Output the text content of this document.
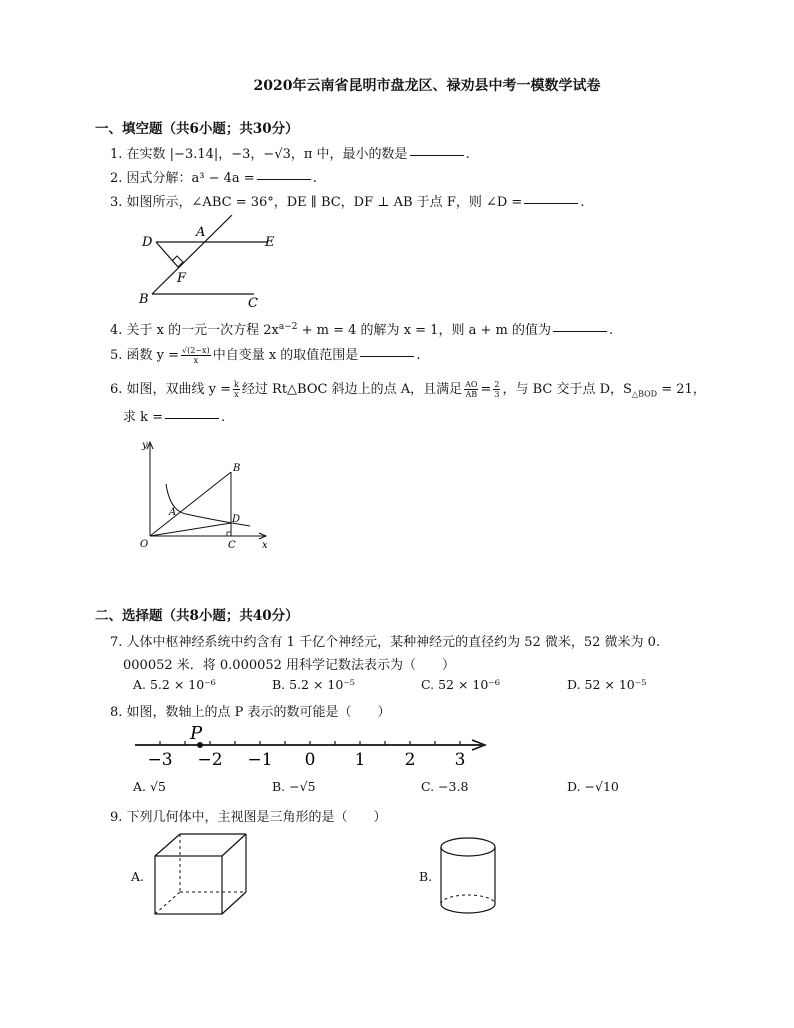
2020年云南省昆明市盘龙区、禄劝县中考一模数学试卷
一、填空题（共6小题；共30分）
1. 在实数 |−3.14|，−3，−√3，π 中，最小的数是	.
2. 因式分解：a³ − 4a =	.
3. 如图所示，∠ABC = 36°，DE ∥ BC，DF ⊥ AB 于点 F，则 ∠D =	.
D
A
E
F
B	C
4. 关于 x 的一元一次方程 $2x^{a-2} + m = 4$ 的解为 x = 1，则 a + m 的值为	.
5. 函数 $y = \frac{√(2-x)}{x}$ 中自变量 x 的取值范围是	.
6. 如图，双曲线 $y = \frac{k}{x}$ 经过 Rt△BOC 斜边上的点 A，且满足 $\frac{AO}{AB} = \frac{2}{3}$ ，与 BC 交于点 D，$S_{\triangle BOD} = 21$，
求 k =	.
y
B
A
D
O	C	x
二、选择题（共8小题；共40分）
7. 人体中枢神经系统中约含有 1 千亿个神经元，某种神经元的直径约为 52 微米，52 微米为 0.
000052 米．将 0.000052 用科学记数法表示为（　　）
A. 5.2 × 10⁻⁶	B. 5.2 × 10⁻⁵	C. 52 × 10⁻⁶	D. 52 × 10⁻⁵
8. 如图，数轴上的点 P 表示的数可能是（　　）
−3 −2 −1 0 1 2 3
P
A. √5	B. −√5	C. −3.8	D. −√10
9. 下列几何体中，主视图是三角形的是（　　）
A.	B.
